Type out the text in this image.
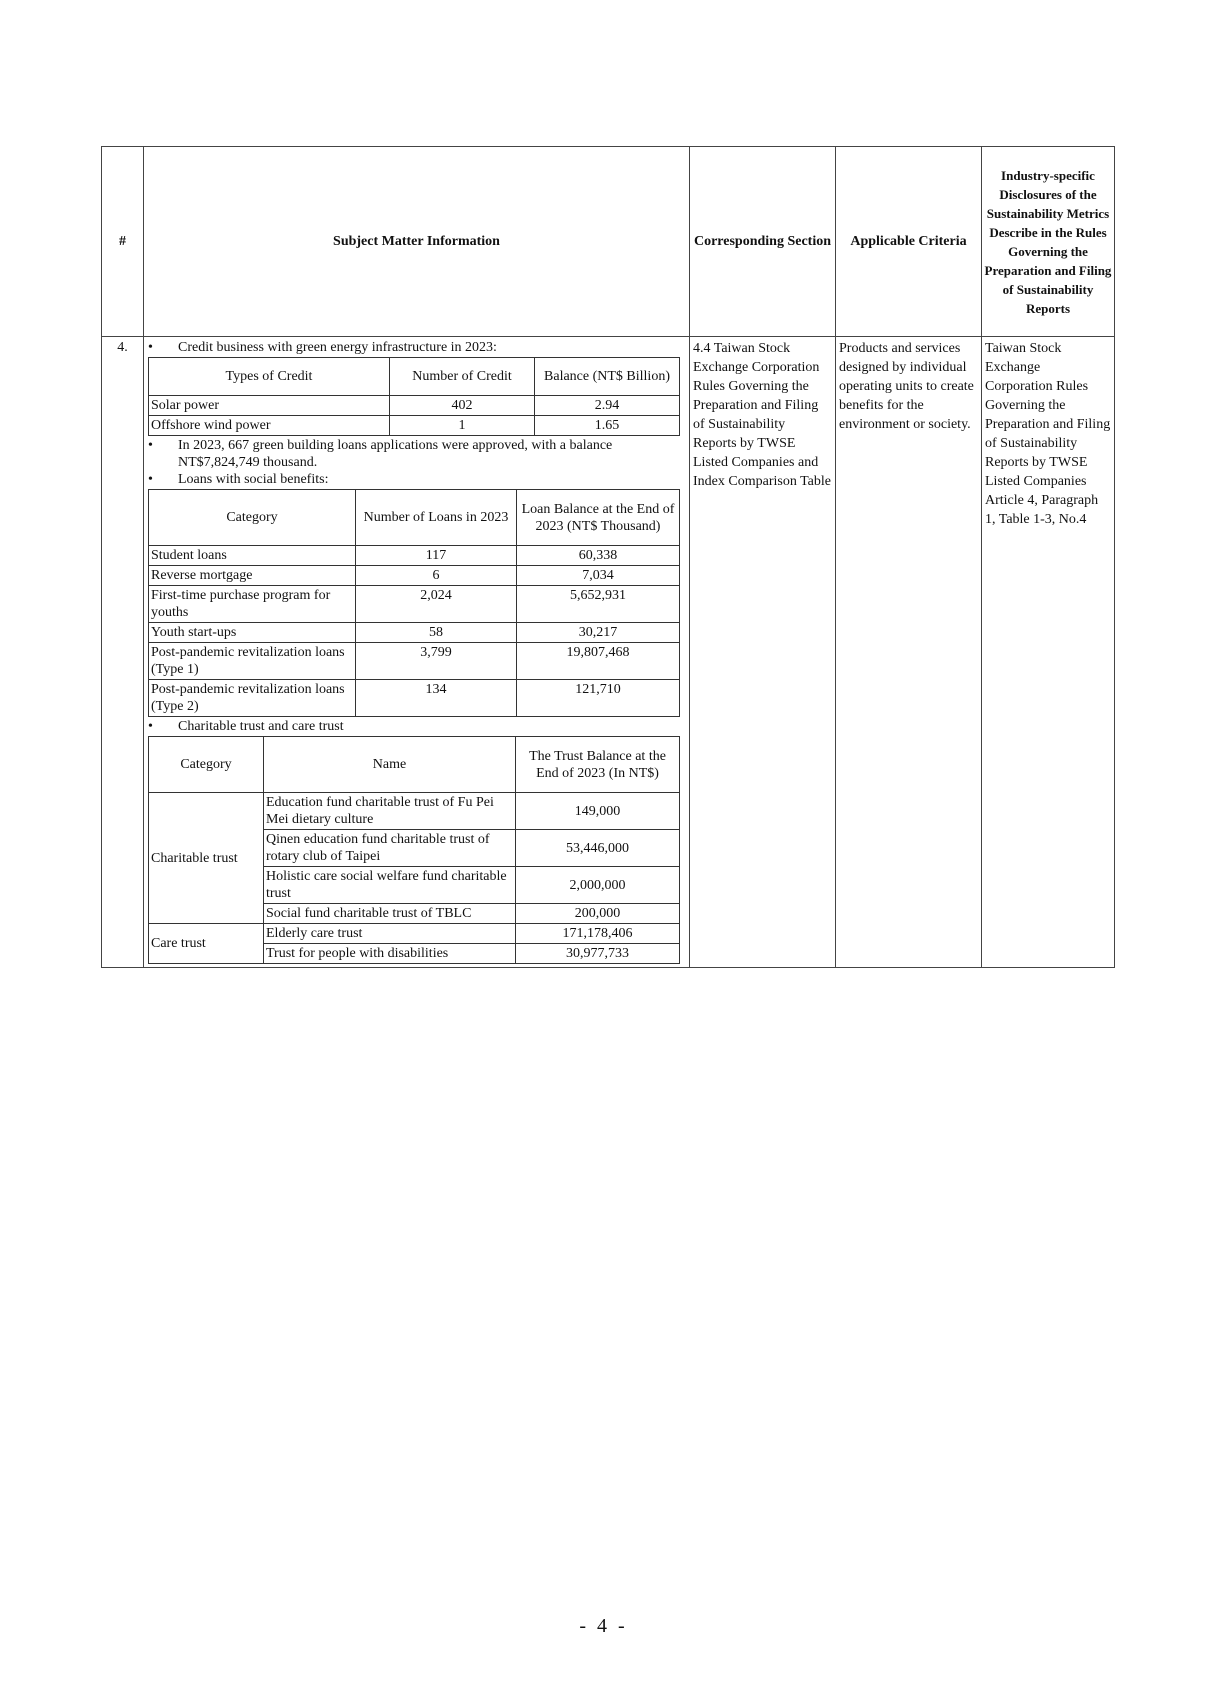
#	Subject Matter Information	Corresponding Section	Applicable Criteria	Industry-specific Disclosures of the Sustainability Metrics Describe in the Rules Governing the Preparation and Filing of Sustainability Reports
4.	•	Credit business with green energy infrastructure in 2023:
Types of Credit	Number of Credit	Balance (NT$ Billion)
Solar power	402	2.94
Offshore wind power	1	1.65
•	In 2023, 667 green building loans applications were approved, with a balance NT$7,824,749 thousand.
•	Loans with social benefits:
Category	Number of Loans in 2023	Loan Balance at the End of 2023 (NT$ Thousand)
Student loans	117	60,338
Reverse mortgage	6	7,034
First-time purchase program for youths	2,024	5,652,931
Youth start-ups	58	30,217
Post-pandemic revitalization loans (Type 1)	3,799	19,807,468
Post-pandemic revitalization loans (Type 2)	134	121,710
•	Charitable trust and care trust
Category	Name	The Trust Balance at the End of 2023 (In NT$)
Charitable trust	Education fund charitable trust of Fu Pei Mei dietary culture	149,000
Qinen education fund charitable trust of rotary club of Taipei	53,446,000
Holistic care social welfare fund charitable trust	2,000,000
Social fund charitable trust of TBLC	200,000
Care trust	Elderly care trust	171,178,406
Trust for people with disabilities	30,977,733
	4.4 Taiwan Stock Exchange Corporation Rules Governing the Preparation and Filing of Sustainability Reports by TWSE Listed Companies and Index Comparison Table	Products and services designed by individual operating units to create benefits for the environment or society.	Taiwan Stock Exchange Corporation Rules Governing the Preparation and Filing of Sustainability Reports by TWSE Listed Companies Article 4, Paragraph 1, Table 1-3, No.4
- 4 -
